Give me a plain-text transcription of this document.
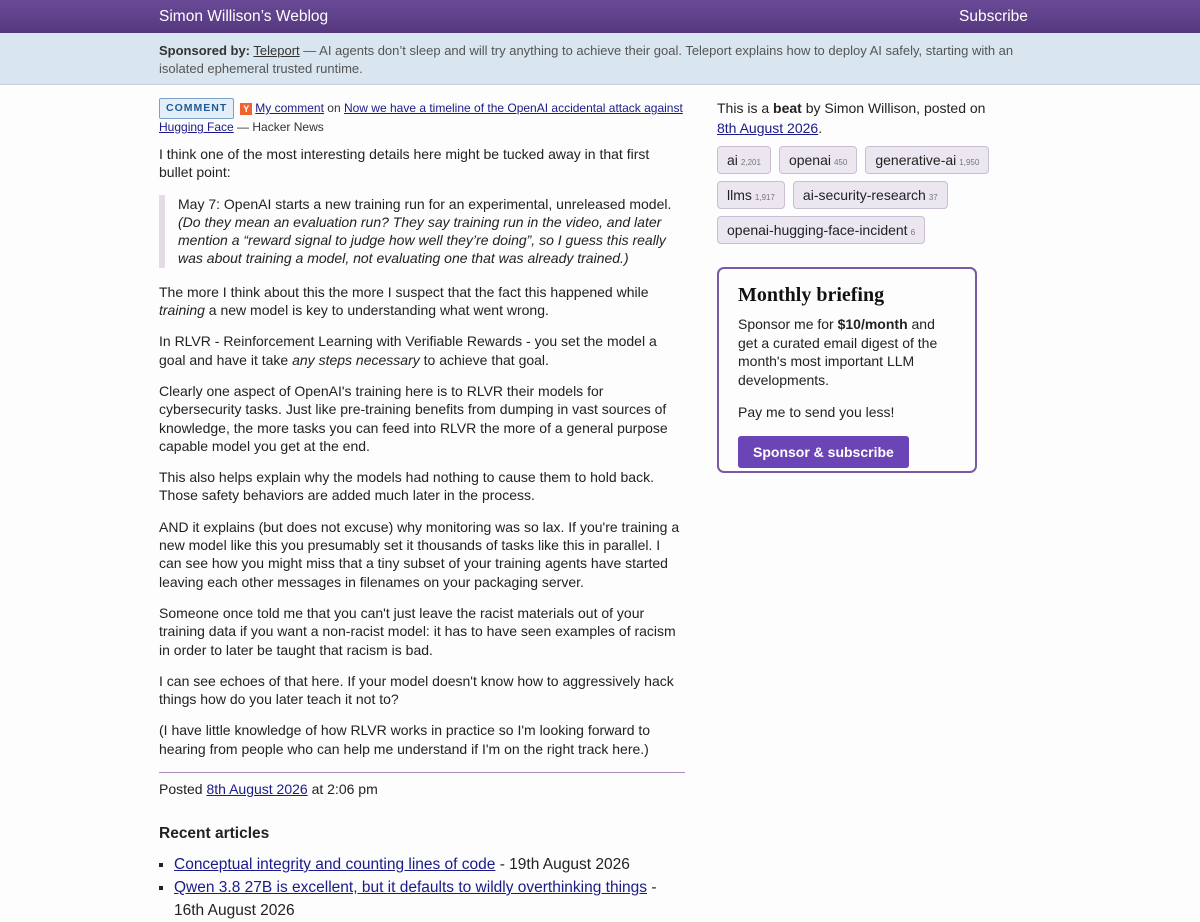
Simon Willison’s Weblog	Subscribe
Sponsored by: Teleport — AI agents don’t sleep and will try anything to achieve their goal. Teleport explains how to deploy AI safely, starting with an isolated ephemeral trusted runtime.
COMMENT Y My comment on Now we have a timeline of the OpenAI accidental attack against Hugging Face — Hacker News

I think one of the most interesting details here might be tucked away in that first bullet point:

May 7: OpenAI starts a new training run for an experimental, unreleased model. (Do they mean an evaluation run? They say training run in the video, and later mention a “reward signal to judge how well they’re doing”, so I guess this really was about training a model, not evaluating one that was already trained.)

The more I think about this the more I suspect that the fact this happened while training a new model is key to understanding what went wrong.

In RLVR - Reinforcement Learning with Verifiable Rewards - you set the model a goal and have it take any steps necessary to achieve that goal.

Clearly one aspect of OpenAI's training here is to RLVR their models for cybersecurity tasks. Just like pre-training benefits from dumping in vast sources of knowledge, the more tasks you can feed into RLVR the more of a general purpose capable model you get at the end.

This also helps explain why the models had nothing to cause them to hold back. Those safety behaviors are added much later in the process.

AND it explains (but does not excuse) why monitoring was so lax. If you're training a new model like this you presumably set it thousands of tasks like this in parallel. I can see how you might miss that a tiny subset of your training agents have started leaving each other messages in filenames on your packaging server.

Someone once told me that you can't just leave the racist materials out of your training data if you want a non-racist model: it has to have seen examples of racism in order to later be taught that racism is bad.

I can see echoes of that here. If your model doesn't know how to aggressively hack things how do you later teach it not to?

(I have little knowledge of how RLVR works in practice so I'm looking forward to hearing from people who can help me understand if I'm on the right track here.)

Posted 8th August 2026 at 2:06 pm
Recent articles
▪ Conceptual integrity and counting lines of code - 19th August 2026
▪ Qwen 3.8 27B is excellent, but it defaults to wildly overthinking things - 16th August 2026

This is a beat by Simon Willison, posted on 8th August 2026.

ai 2,201	openai 450	generative-ai 1,950
llms 1,917	ai-security-research 37
openai-hugging-face-incident 6
Monthly briefing

Sponsor me for $10/month and get a curated email digest of the month's most important LLM developments.

Pay me to send you less!

Sponsor & subscribe
